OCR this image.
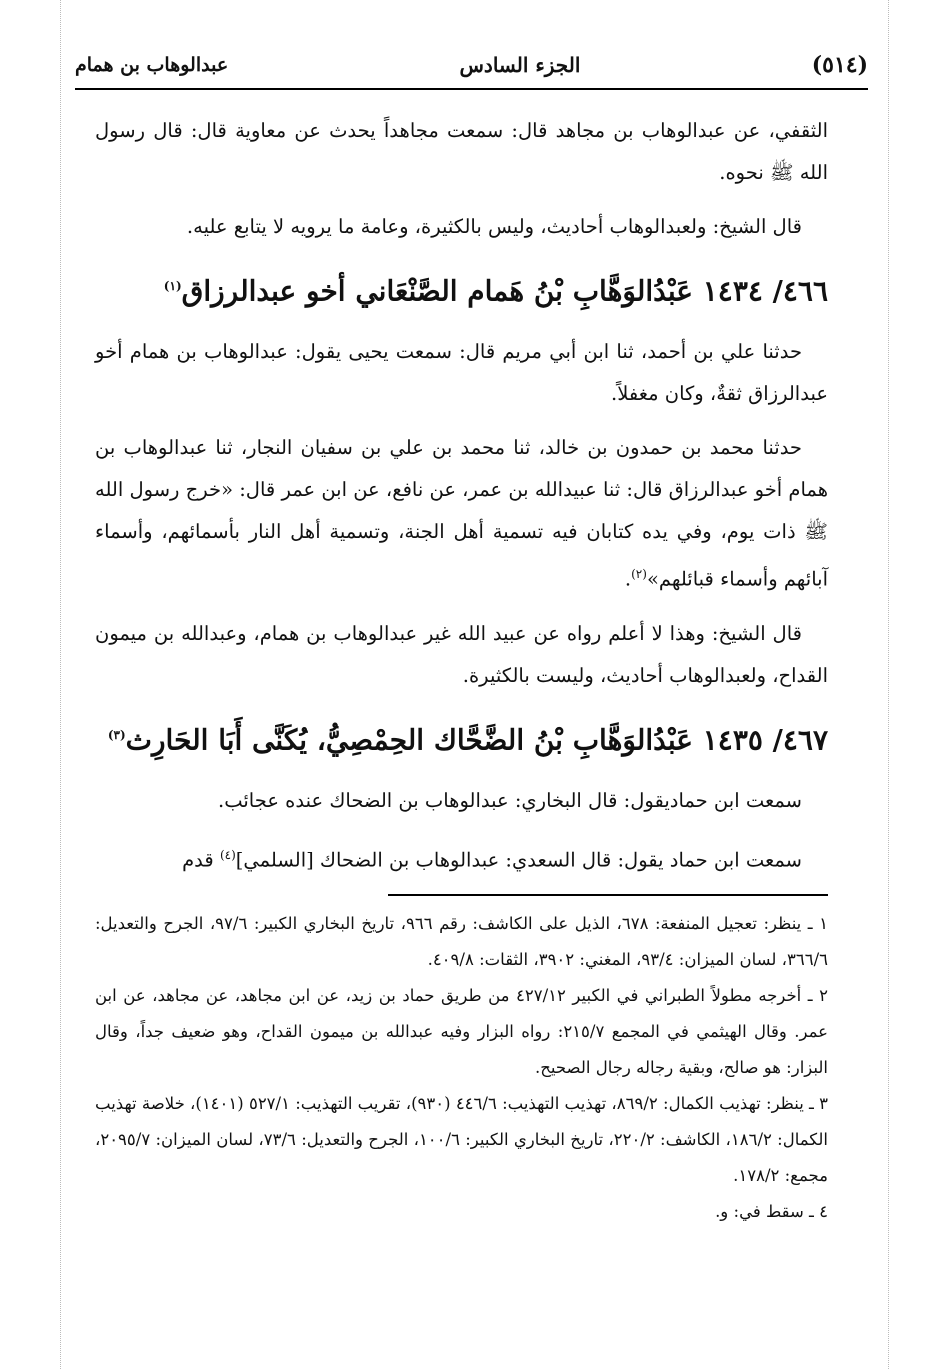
عبدالوهاب بن همام	الجزء السادس	(٥١٤)

الثقفي، عن عبدالوهاب بن مجاهد قال: سمعت مجاهداً يحدث عن معاوية قال: قال رسول الله ﷺ نحوه.

قال الشيخ: ولعبدالوهاب أحاديث، وليس بالكثيرة، وعامة ما يرويه لا يتابع عليه.

٤٦٦/ ١٤٣٤ عَبْدُالوَهَّابِ بْنُ هَمام الصَّنْعَاني أخو عبدالرزاق$^{(١)}$

حدثنا علي بن أحمد، ثنا ابن أبي مريم قال: سمعت يحيى يقول: عبدالوهاب بن همام أخو عبدالرزاق ثقةٌ، وكان مغفلاً.

حدثنا محمد بن حمدون بن خالد، ثنا محمد بن علي بن سفيان النجار، ثنا عبدالوهاب بن همام أخو عبدالرزاق قال: ثنا عبيدالله بن عمر، عن نافع، عن ابن عمر قال: «خرج رسول الله ﷺ ذات يوم، وفي يده كتابان فيه تسمية أهل الجنة، وتسمية أهل النار بأسمائهم، وأسماء آبائهم وأسماء قبائلهم»$^{(٢)}$.

قال الشيخ: وهذا لا أعلم رواه عن عبيد الله غير عبدالوهاب بن همام، وعبدالله بن ميمون القداح، ولعبدالوهاب أحاديث، وليست بالكثيرة.

٤٦٧/ ١٤٣٥ عَبْدُالوَهَّابِ بْنُ الضَّحَّاك الحِمْصِيُّ، يُكَنَّى أَبَا الحَارِث$^{(٣)}$

سمعت ابن حماديقول: قال البخاري: عبدالوهاب بن الضحاك عنده عجائب.

سمعت ابن حماد يقول: قال السعدي: عبدالوهاب بن الضحاك [السلمي]$^{(٤)}$ قدم

١ ـ ينظر: تعجيل المنفعة: ٦٧٨، الذيل على الكاشف: رقم ٩٦٦، تاريخ البخاري الكبير: ٩٧/٦، الجرح والتعديل: ٣٦٦/٦، لسان الميزان: ٩٣/٤، المغني: ٣٩٠٢، الثقات: ٤٠٩/٨.

٢ ـ أخرجه مطولاً الطبراني في الكبير ٤٢٧/١٢ من طريق حماد بن زيد، عن ابن مجاهد، عن مجاهد، عن ابن عمر. وقال الهيثمي في المجمع ٢١٥/٧: رواه البزار وفيه عبدالله بن ميمون القداح، وهو ضعيف جداً، وقال البزار: هو صالح، وبقية رجاله رجال الصحيح.

٣ ـ ينظر: تهذيب الكمال: ٨٦٩/٢، تهذيب التهذيب: ٤٤٦/٦ (٩٣٠)، تقريب التهذيب: ٥٢٧/١ (١٤٠١)، خلاصة تهذيب الكمال: ١٨٦/٢، الكاشف: ٢٢٠/٢، تاريخ البخاري الكبير: ١٠٠/٦، الجرح والتعديل: ٧٣/٦، لسان الميزان: ٢٠٩٥/٧، مجمع: ١٧٨/٢.

٤ ـ سقط في: و.
